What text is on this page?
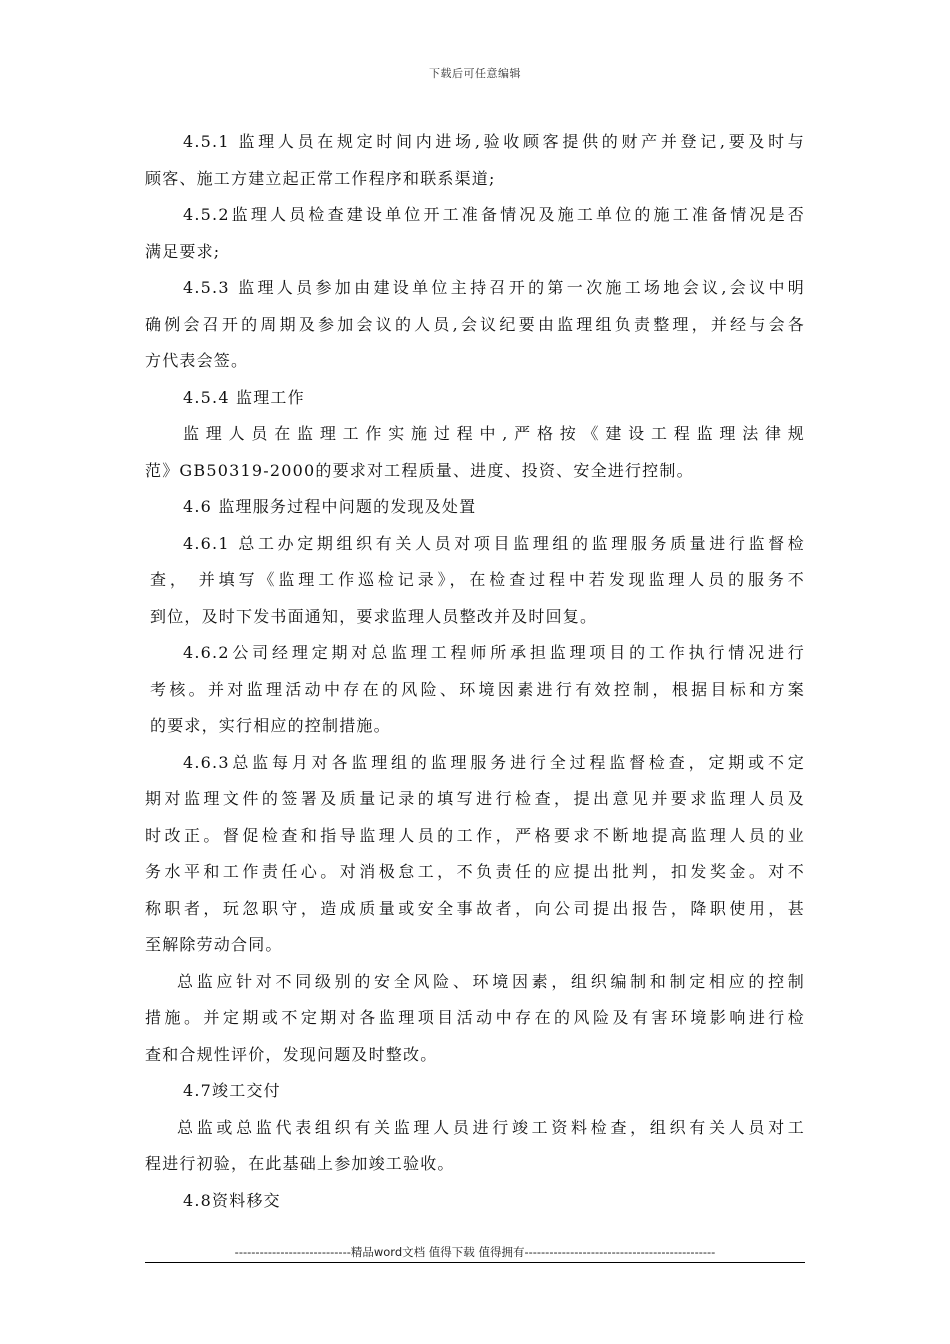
下载后可任意编辑
4.5.1 监理人员在规定时间内进场,验收顾客提供的财产并登记,要及时与
顾客、施工方建立起正常工作程序和联系渠道;
4.5.2监理人员检查建设单位开工准备情况及施工单位的施工准备情况是否
满足要求;
4.5.3 监理人员参加由建设单位主持召开的第一次施工场地会议,会议中明
确例会召开的周期及参加会议的人员,会议纪要由监理组负责整理，并经与会各
方代表会签。
4.5.4 监理工作
监理人员在监理工作实施过程中,严格按《建设工程监理法律规
范》GB50319-2000的要求对工程质量、进度、投资、安全进行控制。
4.6 监理服务过程中问题的发现及处置
4.6.1 总工办定期组织有关人员对项目监理组的监理服务质量进行监督检
查， 并填写《监理工作巡检记录》，在检查过程中若发现监理人员的服务不
到位，及时下发书面通知，要求监理人员整改并及时回复。
4.6.2公司经理定期对总监理工程师所承担监理项目的工作执行情况进行
考核。并对监理活动中存在的风险、环境因素进行有效控制，根据目标和方案
的要求，实行相应的控制措施。
4.6.3总监每月对各监理组的监理服务进行全过程监督检查，定期或不定
期对监理文件的签署及质量记录的填写进行检查，提出意见并要求监理人员及
时改正。督促检查和指导监理人员的工作，严格要求不断地提高监理人员的业
务水平和工作责任心。对消极怠工，不负责任的应提出批判，扣发奖金。对不
称职者，玩忽职守，造成质量或安全事故者，向公司提出报告，降职使用，甚
至解除劳动合同。
总监应针对不同级别的安全风险、环境因素，组织编制和制定相应的控制
措施。并定期或不定期对各监理项目活动中存在的风险及有害环境影响进行检
查和合规性评价，发现问题及时整改。
4.7竣工交付
总监或总监代表组织有关监理人员进行竣工资料检查，组织有关人员对工
程进行初验，在此基础上参加竣工验收。
4.8资料移交
----------------------------精品word文档 值得下载 值得拥有----------------------------------------------
